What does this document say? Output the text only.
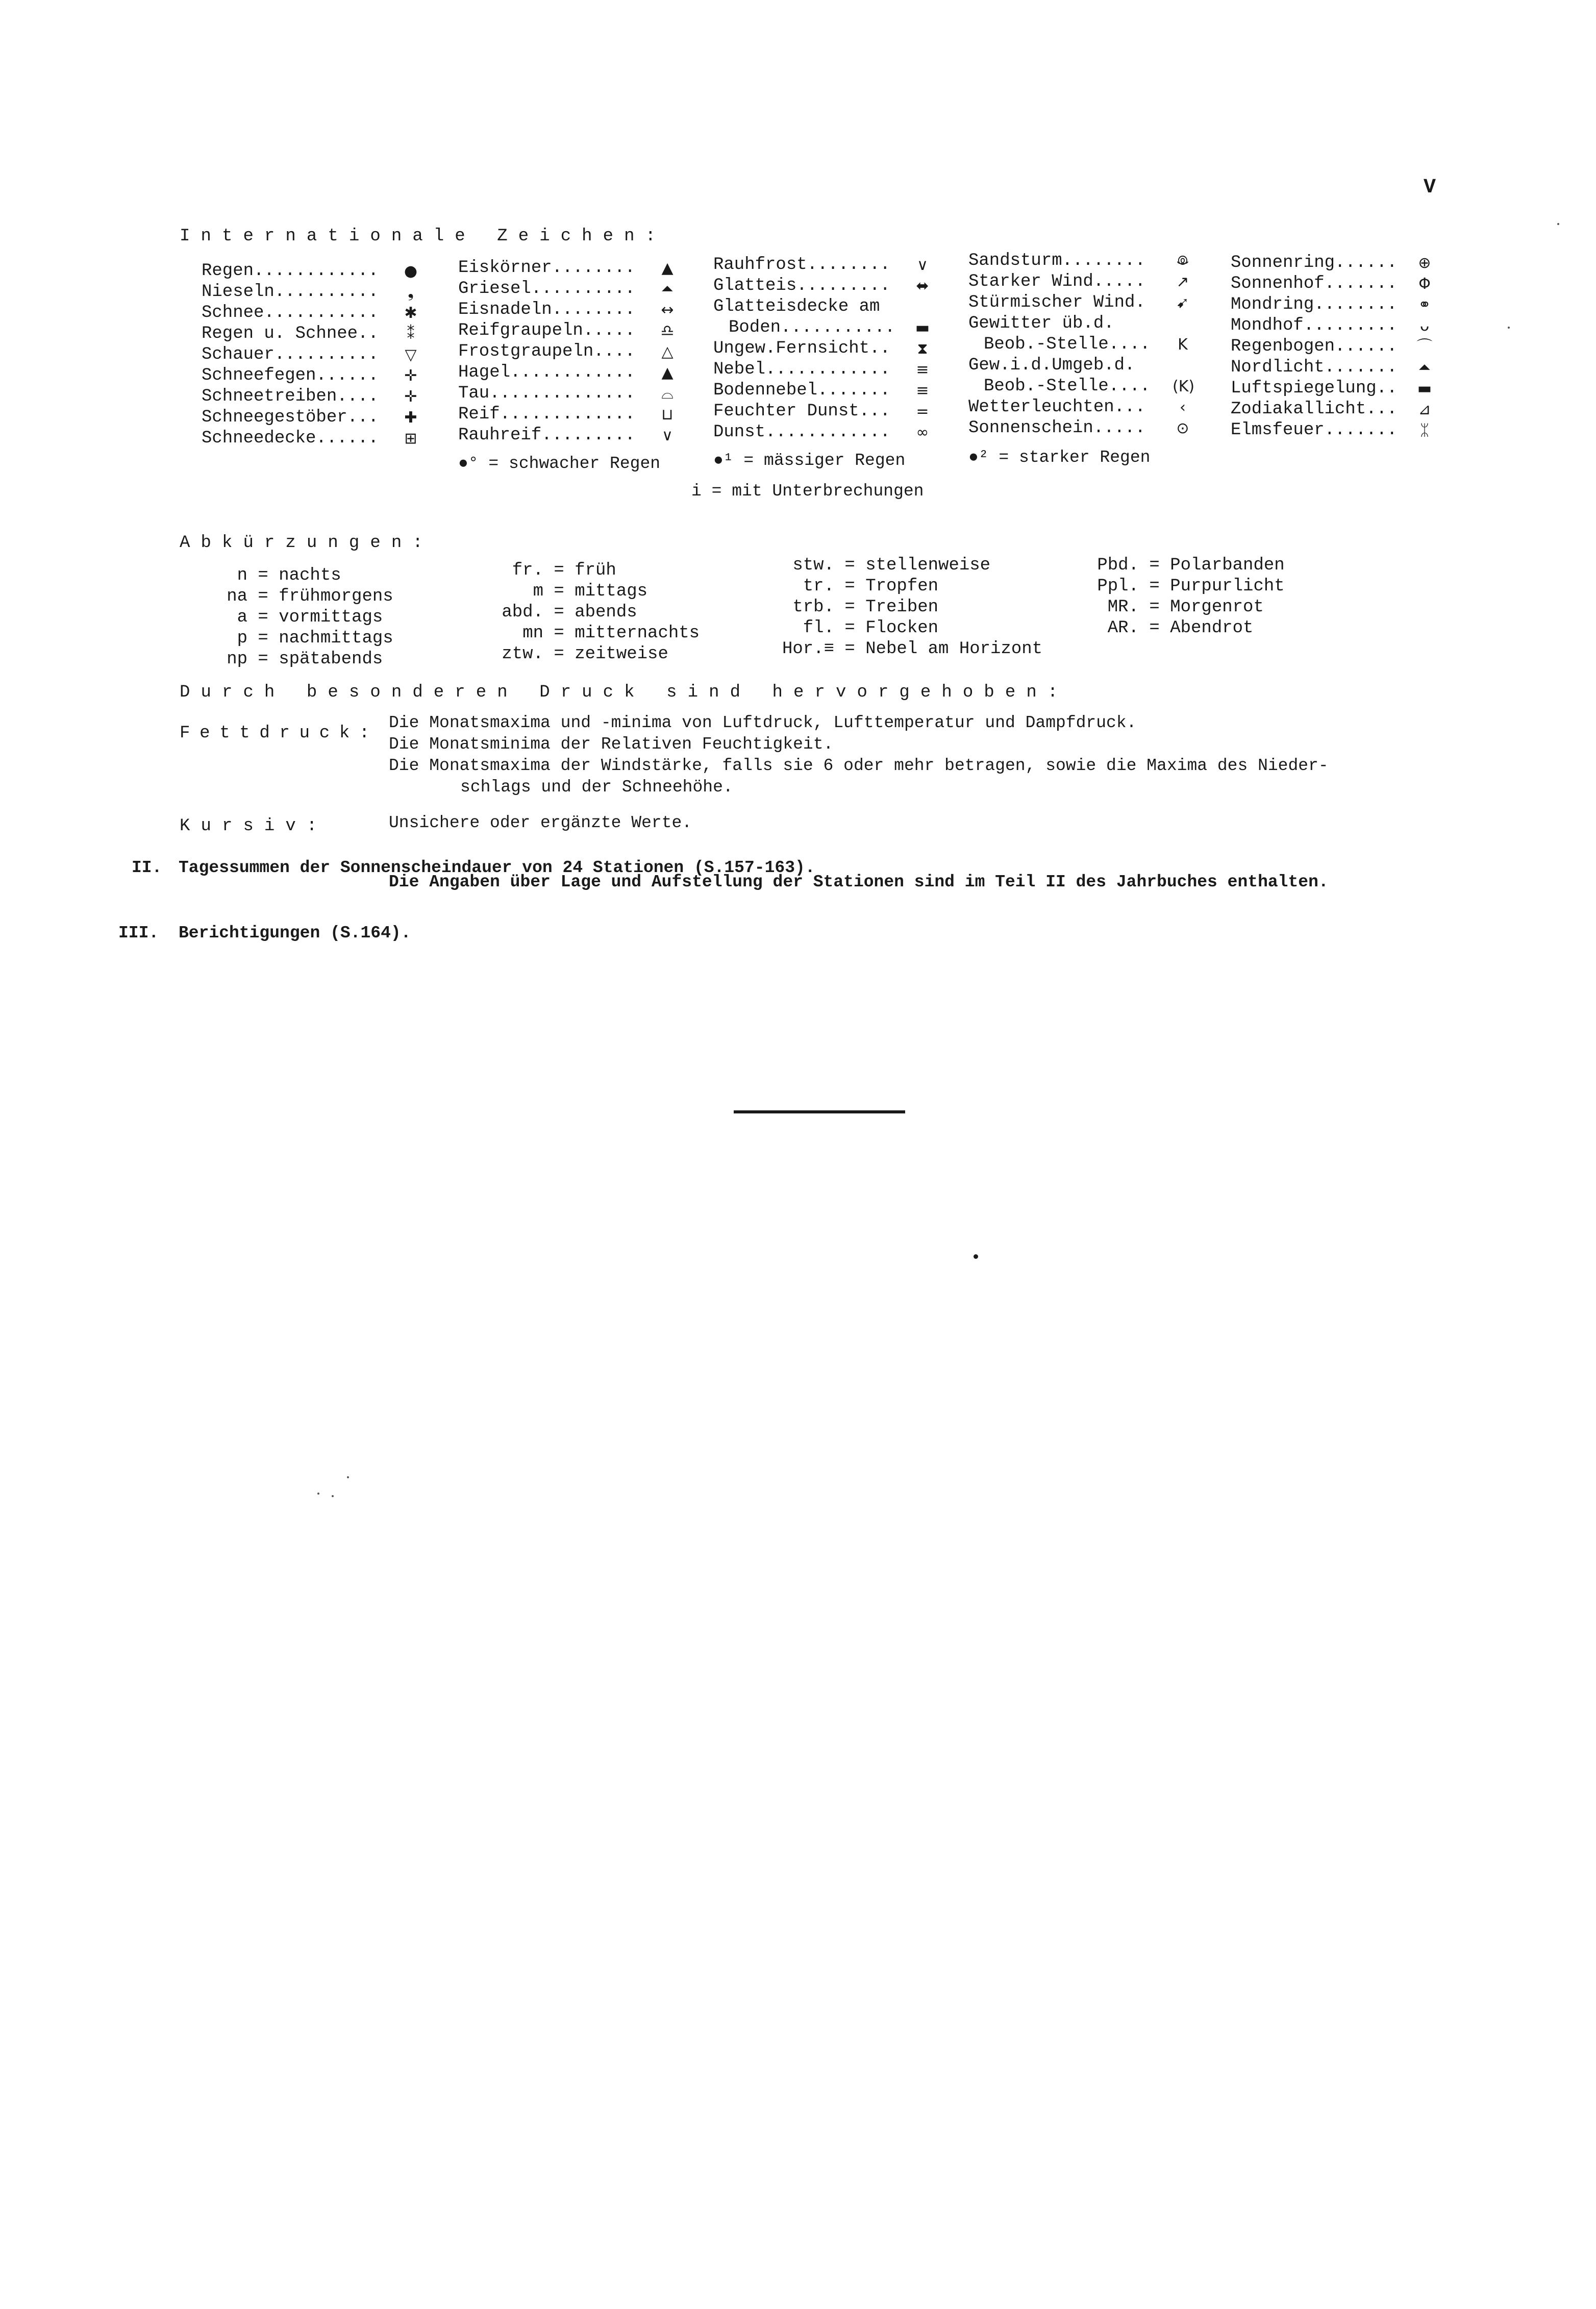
V
Internationale Zeichen:
Regen............ ●
Nieseln..........	❟
Schnee........... ✱
Regen u. Schnee..	⁑
Schauer.......... ▽
Schneefegen...... ✛
Schneetreiben.... ✛
Schneegestöber... ✚
Schneedecke...... ⊞
Eiskörner........ ▲
Griesel.......... ⏶
Eisnadeln........ ↔
Reifgraupeln..... ♎
Frostgraupeln.... △
Hagel............ ▲
Tau.............. ⌓
Reif............. ⊔
Rauhreif.........	∨
Rauhfrost........	∨
Glatteis......... ⬌
Glatteisdecke am
Boden........... ▬
Ungew.Fernsicht..	⧗
Nebel............ ≡
Bodennebel....... ≡
Feuchter Dunst... =
Dunst............ ∞
Sandsturm........ ꖘ
Starker Wind..... ↗
Stürmischer Wind. ➹
Gewitter üb.d.
Beob.-Stelle....	K
Gew.i.d.Umgeb.d.
Beob.-Stelle.... (K)
Wetterleuchten...	‹
Sonnenschein..... ⊙
Sonnenring...... ⊕
Sonnenhof....... Φ
Mondring........ ⚭
Mondhof.........	ᴗ
Regenbogen...... ⌒
Nordlicht....... ⏶
Luftspiegelung.. ▬
Zodiakallicht... ⊿
Elmsfeuer.......	ᛯ
●° = schwacher Regen	●¹ = mässiger Regen	●² = starker Regen
i = mit Unterbrechungen
Abkürzungen:
n = nachts
na = frühmorgens
a = vormittags
p = nachmittags
np = spätabends
fr. = früh
m = mittags
abd. = abends
mn = mitternachts
ztw. = zeitweise
stw. = stellenweise
tr. = Tropfen
trb. = Treiben
fl. = Flocken
Hor.≡ = Nebel am Horizont
Pbd. = Polarbanden
Ppl. = Purpurlicht
MR. = Morgenrot
AR. = Abendrot
Durch besonderen Druck sind hervorgehoben:
Fettdruck:
Die Monatsmaxima und -minima von Luftdruck, Lufttemperatur und Dampfdruck.
Die Monatsminima der Relativen Feuchtigkeit.
Die Monatsmaxima der Windstärke, falls sie 6 oder mehr betragen, sowie die Maxima des Nieder-
schlags und der Schneehöhe.
Kursiv:	Unsichere oder ergänzte Werte.
II. Tagessummen der Sonnenscheindauer von 24 Stationen (S.157-163).
Die Angaben über Lage und Aufstellung der Stationen sind im Teil II des Jahrbuches enthalten.
III. Berichtigungen (S.164).
